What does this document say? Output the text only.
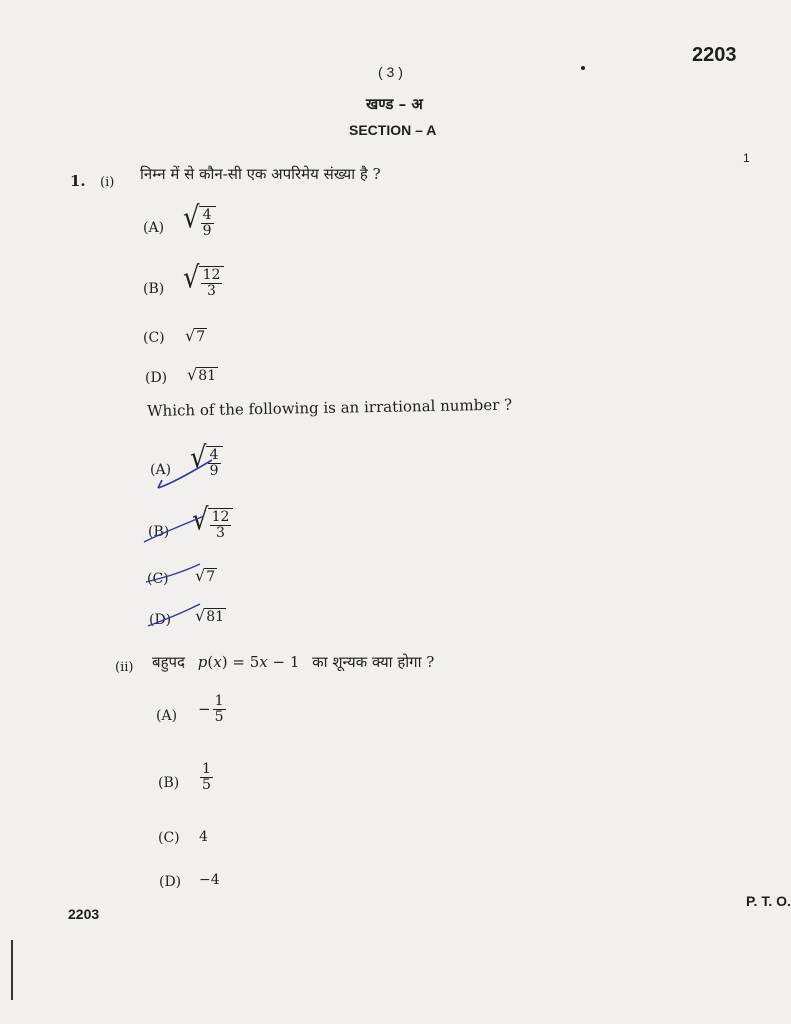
( 3 )
2203
खण्ड – अ
SECTION – A
1
1. (i) निम्न में से कौन-सी एक अपरिमेय संख्या है ?
(A) √ $\frac{4}{9}$
(B) √ $\frac{12}{3}$
(C) √ 7
(D) √ 81
Which of the following is an irrational number ?
(A) √ $\frac{4}{9}$
(B) √ $\frac{12}{3}$
(C) √ 7
(D) √ 81
(ii) बहुपद p(x) = 5x − 1 का शून्यक क्या होगा ?
$(A) - \frac{1}{5}$
$(B) \frac{1}{5}$
(C) 4
(D) −4
2203
P. T. O.
